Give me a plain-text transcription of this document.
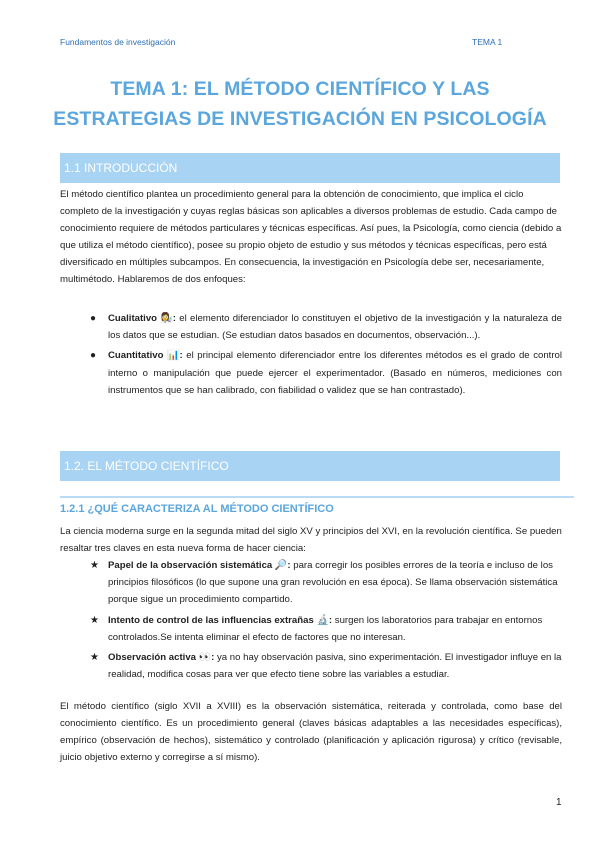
Fundamentos de investigación	TEMA 1
TEMA 1: EL MÉTODO CIENTÍFICO Y LAS
ESTRATEGIAS DE INVESTIGACIÓN EN PSICOLOGÍA
1.1 INTRODUCCIÓN

El método científico plantea un procedimiento general para la obtención de conocimiento, que implica el ciclo completo de la investigación y cuyas reglas básicas son aplicables a diversos problemas de estudio. Cada campo de conocimiento requiere de métodos particulares y técnicas específicas. Así pues, la Psicología, como ciencia (debido a que utiliza el método científico), posee su propio objeto de estudio y sus métodos y técnicas específicas, pero está diversificado en múltiples subcampos. En consecuencia, la investigación en Psicología debe ser, necesariamente, multimétodo. Hablaremos de dos enfoques:

● Cualitativo 👩‍🔬: el elemento diferenciador lo constituyen el objetivo de la investigación y la naturaleza de los datos que se estudian. (Se estudian datos basados en documentos, observación...).
● Cuantitativo 📊: el principal elemento diferenciador entre los diferentes métodos es el grado de control interno o manipulación que puede ejercer el experimentador. (Basado en números, mediciones con instrumentos que se han calibrado, con fiabilidad o validez que se han contrastado).
1.2. EL MÉTODO CIENTÍFICO
1.2.1 ¿QUÉ CARACTERIZA AL MÉTODO CIENTÍFICO

La ciencia moderna surge en la segunda mitad del siglo XV y principios del XVI, en la revolución científica. Se pueden resaltar tres claves en esta nueva forma de hacer ciencia:

★ Papel de la observación sistemática 🔎: para corregir los posibles errores de la teoría e incluso de los principios filosóficos (lo que supone una gran revolución en esa época). Se llama observación sistemática porque sigue un procedimiento compartido.
★ Intento de control de las influencias extrañas 🔬: surgen los laboratorios para trabajar en entornos controlados.Se intenta eliminar el efecto de factores que no interesan.
★ Observación activa 👀: ya no hay observación pasiva, sino experimentación. El investigador influye en la realidad, modifica cosas para ver que efecto tiene sobre las variables a estudiar.

El método científico (siglo XVII a XVIII) es la observación sistemática, reiterada y controlada, como base del conocimiento científico. Es un procedimiento general (claves básicas adaptables a las necesidades específicas), empírico (observación de hechos), sistemático y controlado (planificación y aplicación rigurosa) y crítico (revisable, juicio objetivo externo y corregirse a sí mismo).

1
